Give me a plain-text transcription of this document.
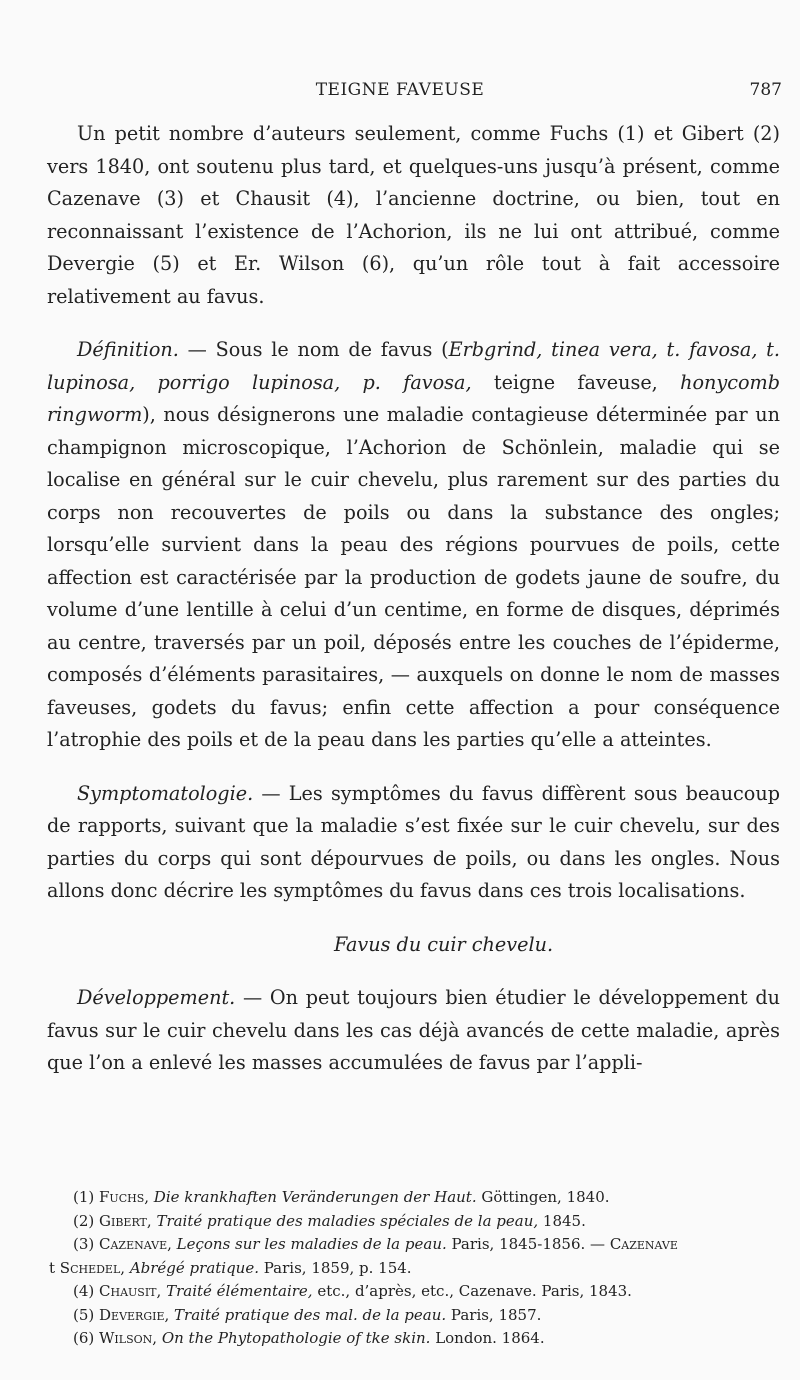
TEIGNE FAVEUSE	787

Un petit nombre d’auteurs seulement, comme Fuchs (1) et Gibert (2) vers 1840, ont soutenu plus tard, et quelques-uns jusqu’à présent, comme Cazenave (3) et Chausit (4), l’ancienne doctrine, ou bien, tout en reconnaissant l’existence de l’Achorion, ils ne lui ont attribué, comme Devergie (5) et Er. Wilson (6), qu’un rôle tout à fait accessoire relativement au favus.

Définition. — Sous le nom de favus (Erbgrind, tinea vera, t. favosa, t. lupinosa, porrigo lupinosa, p. favosa, teigne faveuse, honycomb ringworm), nous désignerons une maladie contagieuse déterminée par un champignon microscopique, l’Achorion de Schönlein, maladie qui se localise en général sur le cuir chevelu, plus rarement sur des parties du corps non recouvertes de poils ou dans la substance des ongles; lorsqu’elle survient dans la peau des régions pourvues de poils, cette affection est caractérisée par la production de godets jaune de soufre, du volume d’une lentille à celui d’un centime, en forme de disques, déprimés au centre, traversés par un poil, déposés entre les couches de l’épiderme, composés d’éléments parasitaires, — auxquels on donne le nom de masses faveuses, godets du favus; enfin cette affection a pour conséquence l’atrophie des poils et de la peau dans les parties qu’elle a atteintes.

Symptomatologie. — Les symptômes du favus diffèrent sous beaucoup de rapports, suivant que la maladie s’est fixée sur le cuir chevelu, sur des parties du corps qui sont dépourvues de poils, ou dans les ongles. Nous allons donc décrire les symptômes du favus dans ces trois localisations.

Favus du cuir chevelu.

Développement. — On peut toujours bien étudier le développement du favus sur le cuir chevelu dans les cas déjà avancés de cette maladie, après que l’on a enlevé les masses accumulées de favus par l’appli-

(1) Fuchs, Die krankhaften Veränderungen der Haut. Göttingen, 1840.
(2) Gibert, Traité pratique des maladies spéciales de la peau, 1845.
(3) Cazenave, Leçons sur les maladies de la peau. Paris, 1845-1856. — Cazenave
t Schedel, Abrégé pratique. Paris, 1859, p. 154.
(4) Chausit, Traité élémentaire, etc., d’après, etc., Cazenave. Paris, 1843.
(5) Devergie, Traité pratique des mal. de la peau. Paris, 1857.
(6) Wilson, On the Phytopathologie of tke skin. London. 1864.
